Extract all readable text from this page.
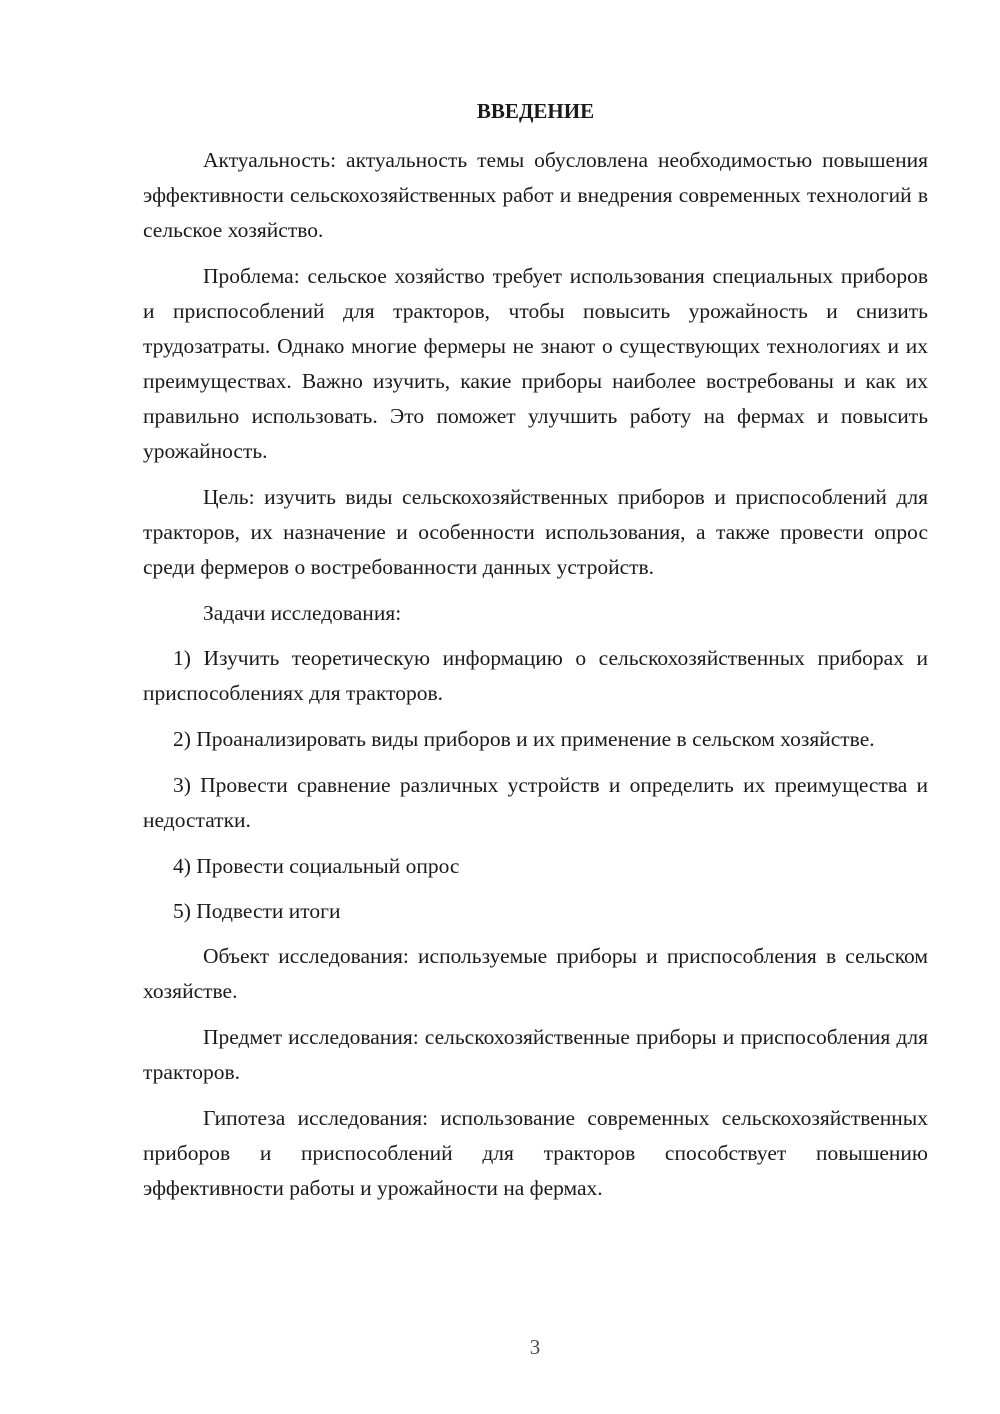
ВВЕДЕНИЕ

Актуальность: актуальность темы обусловлена необходимостью повышения эффективности сельскохозяйственных работ и внедрения современных технологий в сельское хозяйство.

Проблема: сельское хозяйство требует использования специальных приборов и приспособлений для тракторов, чтобы повысить урожайность и снизить трудозатраты. Однако многие фермеры не знают о существующих технологиях и их преимуществах. Важно изучить, какие приборы наиболее востребованы и как их правильно использовать. Это поможет улучшить работу на фермах и повысить урожайность.

Цель: изучить виды сельскохозяйственных приборов и приспособлений для тракторов, их назначение и особенности использования, а также провести опрос среди фермеров о востребованности данных устройств.

Задачи исследования:

1) Изучить теоретическую информацию о сельскохозяйственных приборах и приспособлениях для тракторов.

2) Проанализировать виды приборов и их применение в сельском хозяйстве.

3) Провести сравнение различных устройств и определить их преимущества и недостатки.

4) Провести социальный опрос

5) Подвести итоги

Объект исследования: используемые приборы и приспособления в сельском хозяйстве.

Предмет исследования: сельскохозяйственные приборы и приспособления для тракторов.

Гипотеза исследования: использование современных сельскохозяйственных приборов и приспособлений для тракторов способствует повышению эффективности работы и урожайности на фермах.

3
